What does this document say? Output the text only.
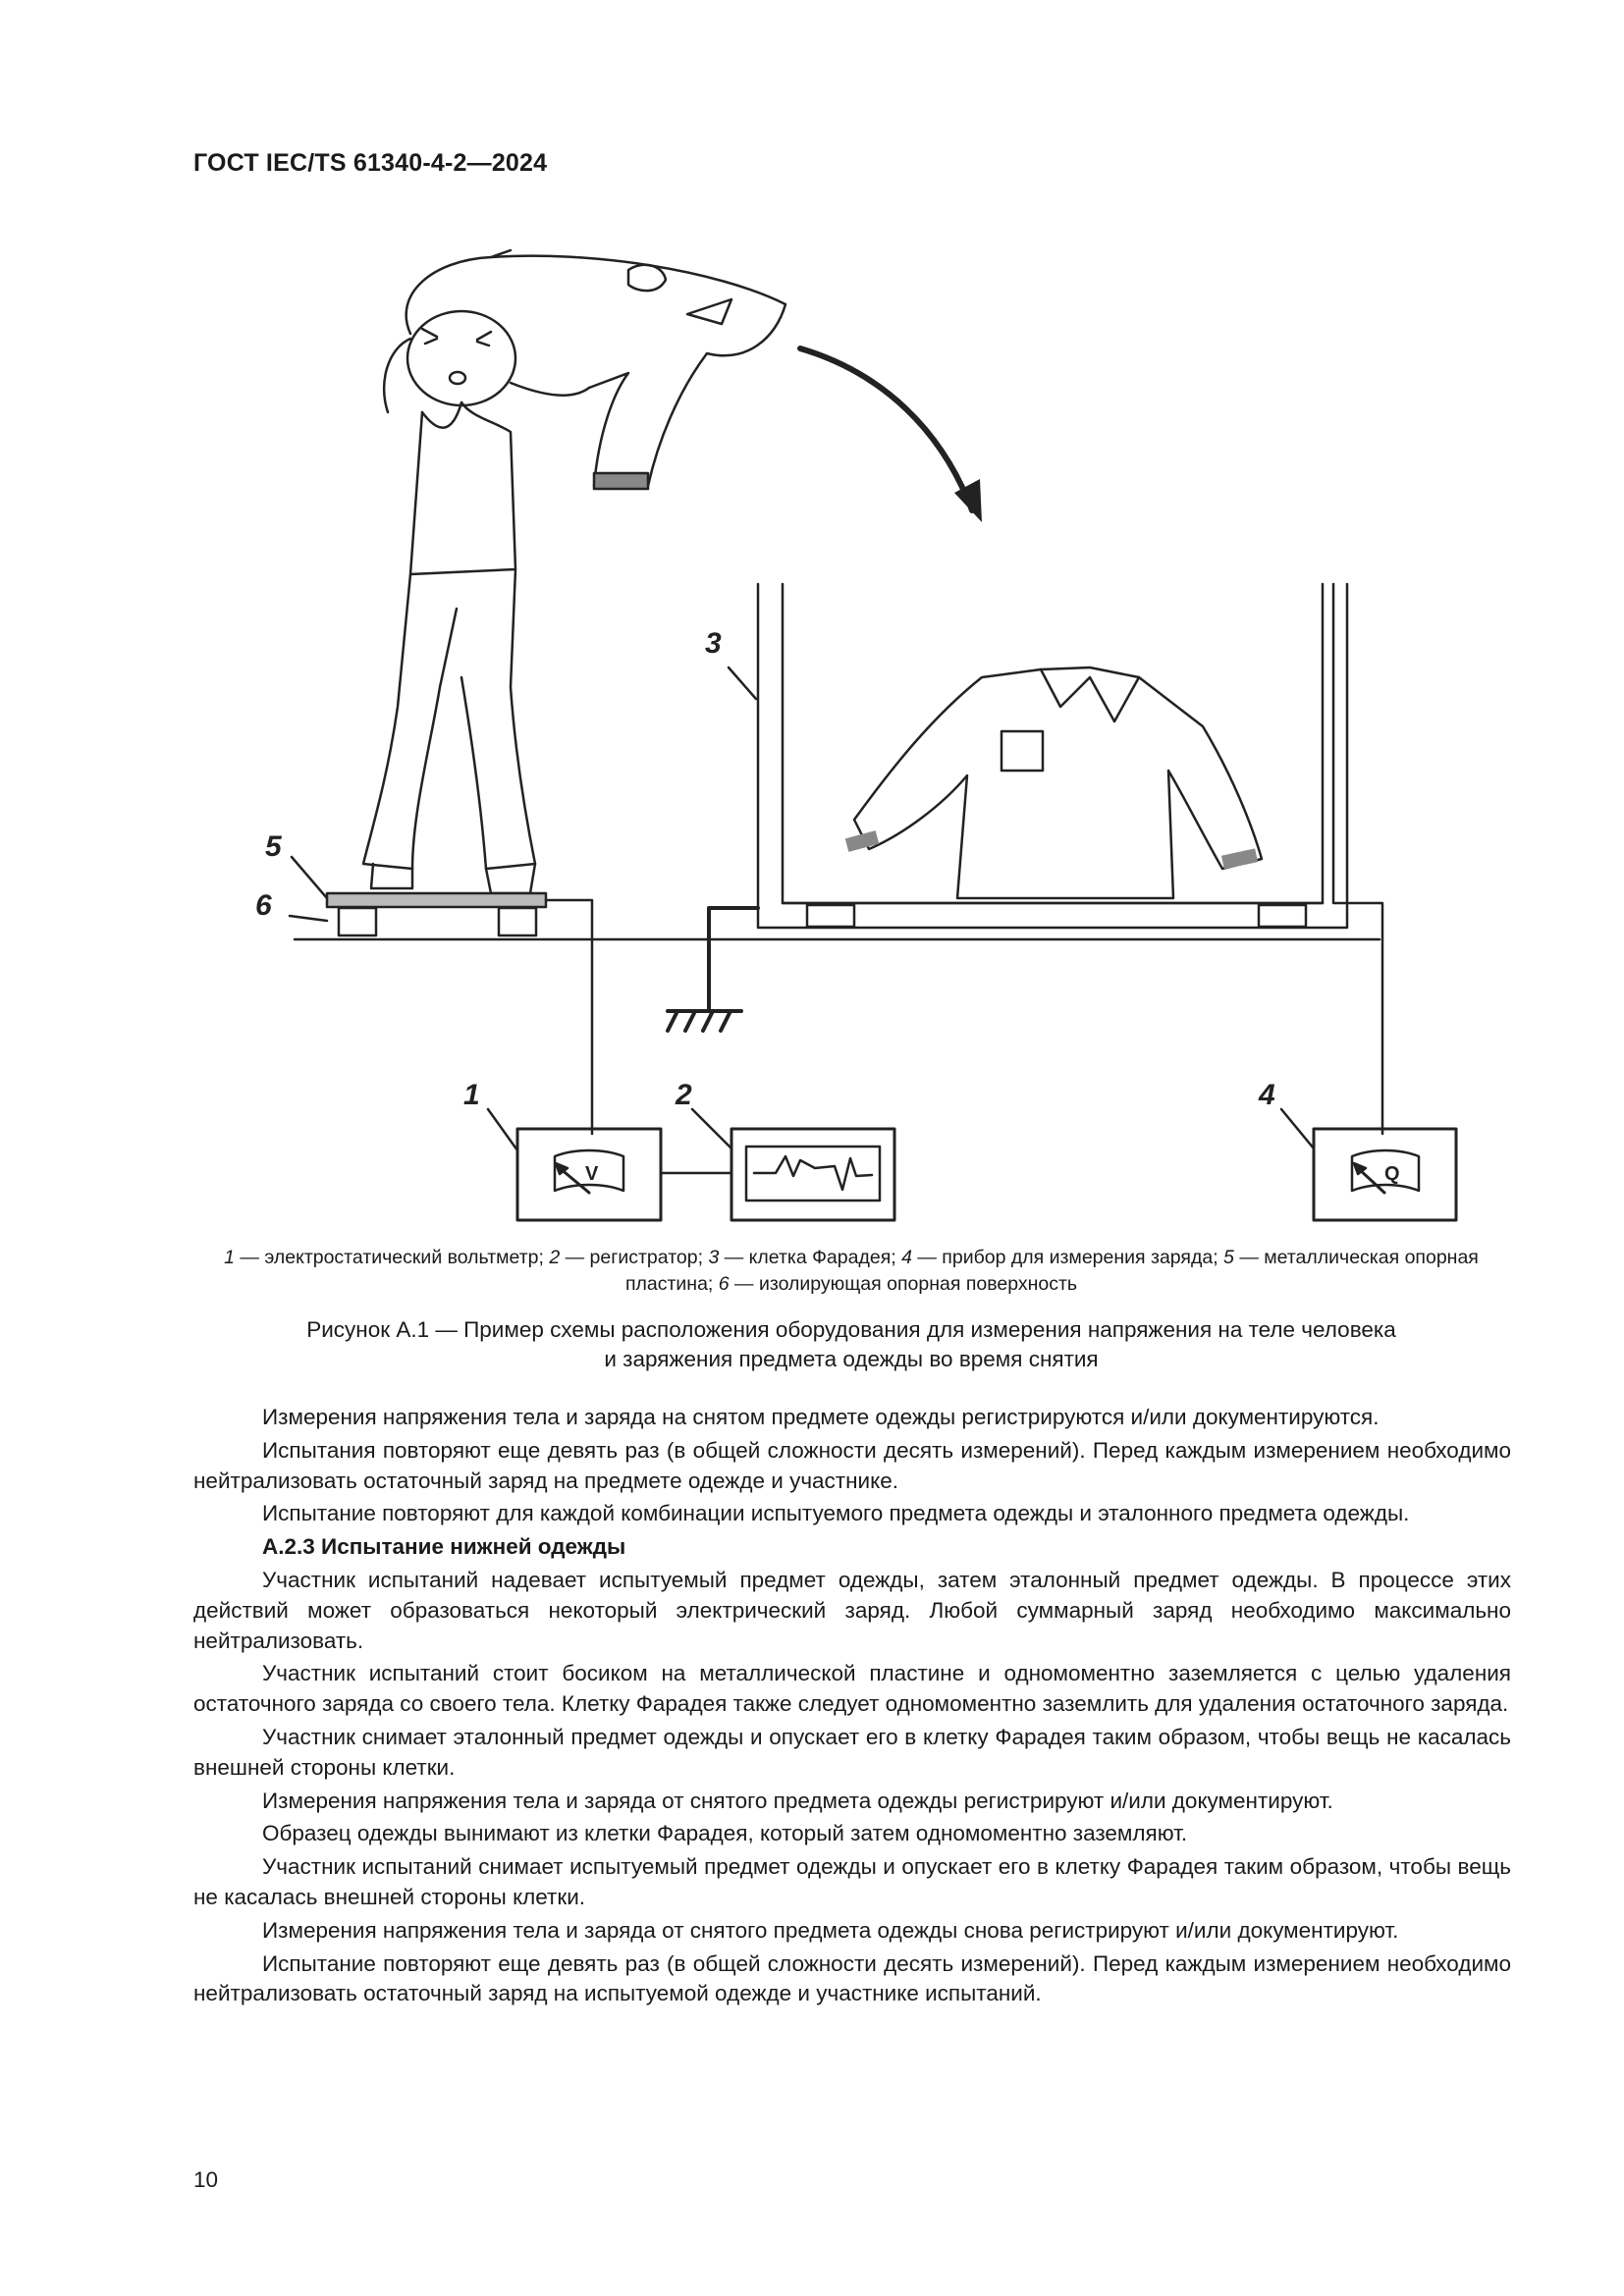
ГОСТ IEC/TS 61340-4-2—2024
1	2
3
4
5
6
V	Q
1 — электростатический вольтметр; 2 — регистратор; 3 — клетка Фарадея; 4 — прибор для измерения заряда; 5 — металлическая опорная пластина; 6 — изолирующая опорная поверхность
Рисунок А.1 — Пример схемы расположения оборудования для измерения напряжения на теле человека
и заряжения предмета одежды во время снятия

Измерения напряжения тела и заряда на снятом предмете одежды регистрируются и/или документируются.

Испытания повторяют еще девять раз (в общей сложности десять измерений). Перед каждым измерением необходимо нейтрализовать остаточный заряд на предмете одежде и участнике.

Испытание повторяют для каждой комбинации испытуемого предмета одежды и эталонного предмета одежды.

А.2.3 Испытание нижней одежды

Участник испытаний надевает испытуемый предмет одежды, затем эталонный предмет одежды. В процессе этих действий может образоваться некоторый электрический заряд. Любой суммарный заряд необходимо максимально нейтрализовать.

Участник испытаний стоит босиком на металлической пластине и одномоментно заземляется с целью удаления остаточного заряда со своего тела. Клетку Фарадея также следует одномоментно заземлить для удаления остаточного заряда.

Участник снимает эталонный предмет одежды и опускает его в клетку Фарадея таким образом, чтобы вещь не касалась внешней стороны клетки.

Измерения напряжения тела и заряда от снятого предмета одежды регистрируют и/или документируют.

Образец одежды вынимают из клетки Фарадея, который затем одномоментно заземляют.

Участник испытаний снимает испытуемый предмет одежды и опускает его в клетку Фарадея таким образом, чтобы вещь не касалась внешней стороны клетки.

Измерения напряжения тела и заряда от снятого предмета одежды снова регистрируют и/или документируют.

Испытание повторяют еще девять раз (в общей сложности десять измерений). Перед каждым измерением необходимо нейтрализовать остаточный заряд на испытуемой одежде и участнике испытаний.

10
